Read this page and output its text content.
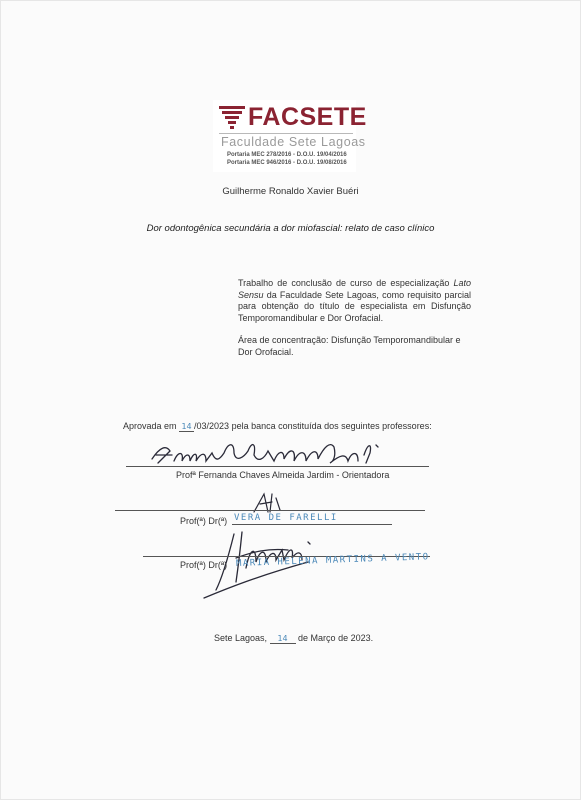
FACSETE
Faculdade Sete Lagoas
Portaria MEC 278/2016 - D.O.U. 19/04/2016
Portaria MEC 946/2016 - D.O.U. 19/08/2016
Guilherme Ronaldo Xavier Buéri
Dor odontogênica secundária a dor miofascial: relato de caso clínico

Trabalho de conclusão de curso de especialização Lato Sensu da Faculdade Sete Lagoas, como requisito parcial para obtenção do título de especialista em Disfunção Temporomandibular e Dor Orofacial.

Área de concentração: Disfunção Temporomandibular e Dor Orofacial.

Aprovada em 14 /03/2023 pela banca constituída dos seguintes professores:
Profª Fernanda Chaves Almeida Jardim - Orientadora
Prof(ª) Dr(ª) VERA DE FARELLI
Prof(ª) Dr(ª) MARIA HELENA MARTINS A VENTO
Sete Lagoas, 14 de Março de 2023.
